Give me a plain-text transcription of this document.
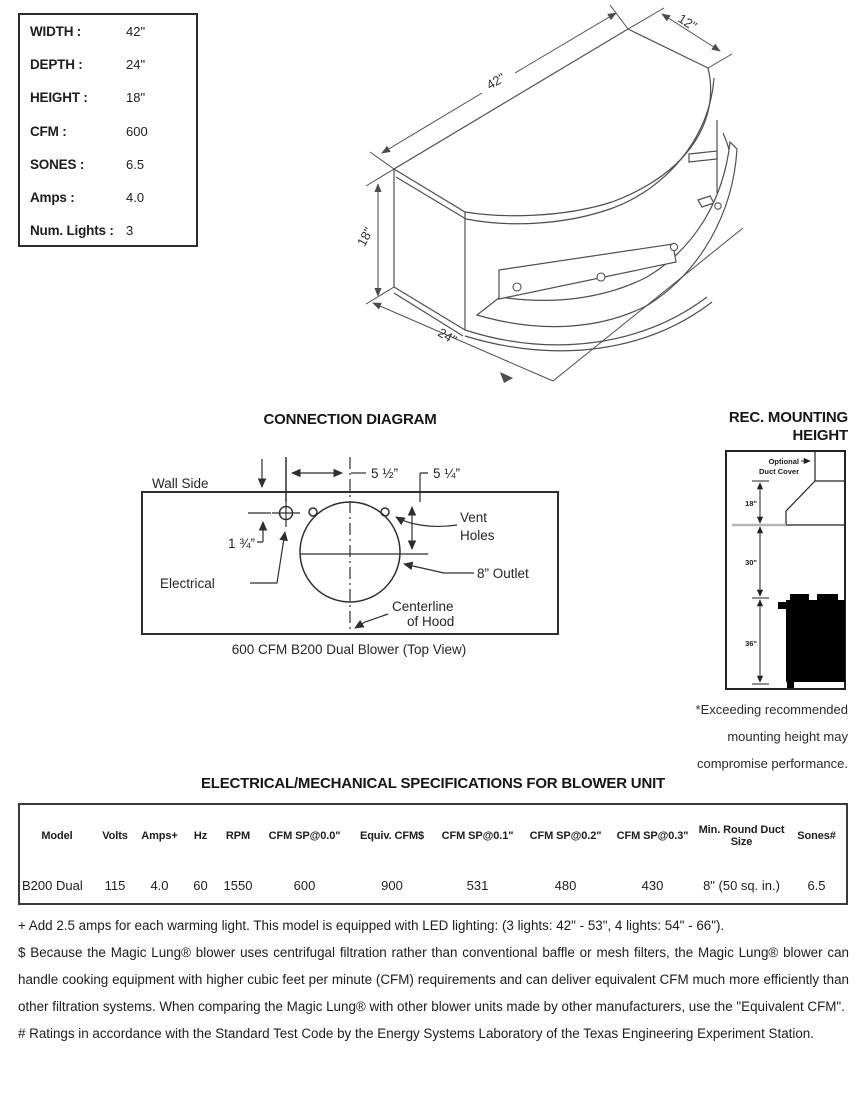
WIDTH :	42"
DEPTH :	24"
HEIGHT :	18"
CFM :	600
SONES :	6.5
Amps :	4.0
Num. Lights : 3
42"
12"
18"
24"
CONNECTION DIAGRAM
Wall Side
5 ½”	5 ¼”
1 ¾”
Electrical
Vent
Holes
8” Outlet
Centerline
of Hood
600 CFM B200 Dual Blower (Top View)
REC. MOUNTING
HEIGHT
Optional
Duct Cover
18"
30"
36"
*Exceeding recommended
mounting height may
compromise performance.
ELECTRICAL/MECHANICAL SPECIFICATIONS FOR BLOWER UNIT
Model	Volts	Amps+	Hz	RPM	CFM SP@0.0"	Equiv. CFM$	CFM SP@0.1"	CFM SP@0.2"	CFM SP@0.3"	Min. Round Duct Size	Sones#
B200 Dual	115	4.0	60	1550	600	900	531	480	430	8" (50 sq. in.)	6.5

+ Add 2.5 amps for each warming light. This model is equipped with LED lighting: (3 lights: 42" - 53", 4 lights: 54" - 66").

$ Because the Magic Lung® blower uses centrifugal filtration rather than conventional baffle or mesh filters, the Magic Lung® blower can handle cooking equipment with higher cubic feet per minute (CFM) requirements and can deliver equivalent CFM much more efficiently than other filtration systems. When comparing the Magic Lung® with other blower units made by other manufacturers, use the "Equivalent CFM".

# Ratings in accordance with the Standard Test Code by the Energy Systems Laboratory of the Texas Engineering Experiment Station.
